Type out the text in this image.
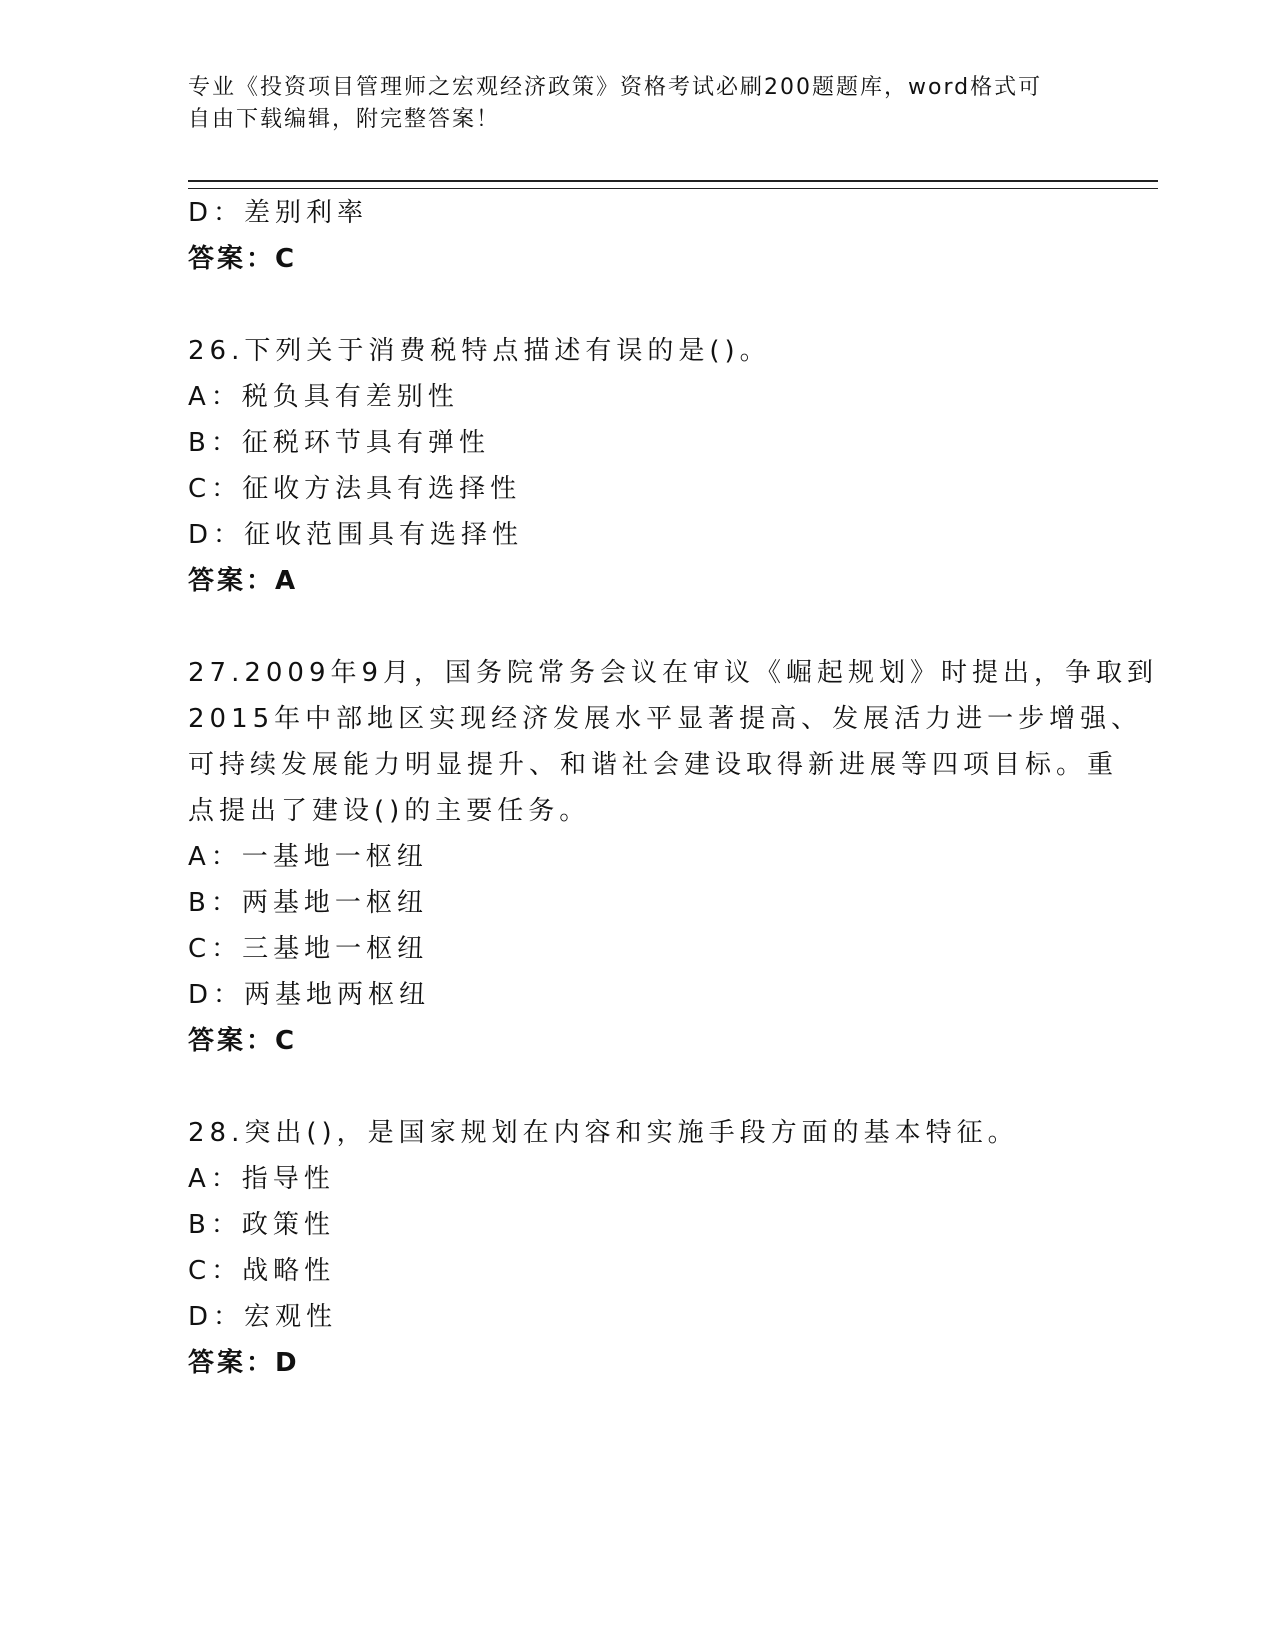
专业《投资项目管理师之宏观经济政策》资格考试必刷200题题库，word格式可
自由下载编辑，附完整答案！
D：差别利率
答案：C
26.下列关于消费税特点描述有误的是()。
A：税负具有差别性
B：征税环节具有弹性
C：征收方法具有选择性
D：征收范围具有选择性
答案：A
27.2009年9月，国务院常务会议在审议《崛起规划》时提出，争取到
2015年中部地区实现经济发展水平显著提高、发展活力进一步增强、
可持续发展能力明显提升、和谐社会建设取得新进展等四项目标。重
点提出了建设()的主要任务。
A：一基地一枢纽
B：两基地一枢纽
C：三基地一枢纽
D：两基地两枢纽
答案：C
28.突出()，是国家规划在内容和实施手段方面的基本特征。
A：指导性
B：政策性
C：战略性
D：宏观性
答案：D
